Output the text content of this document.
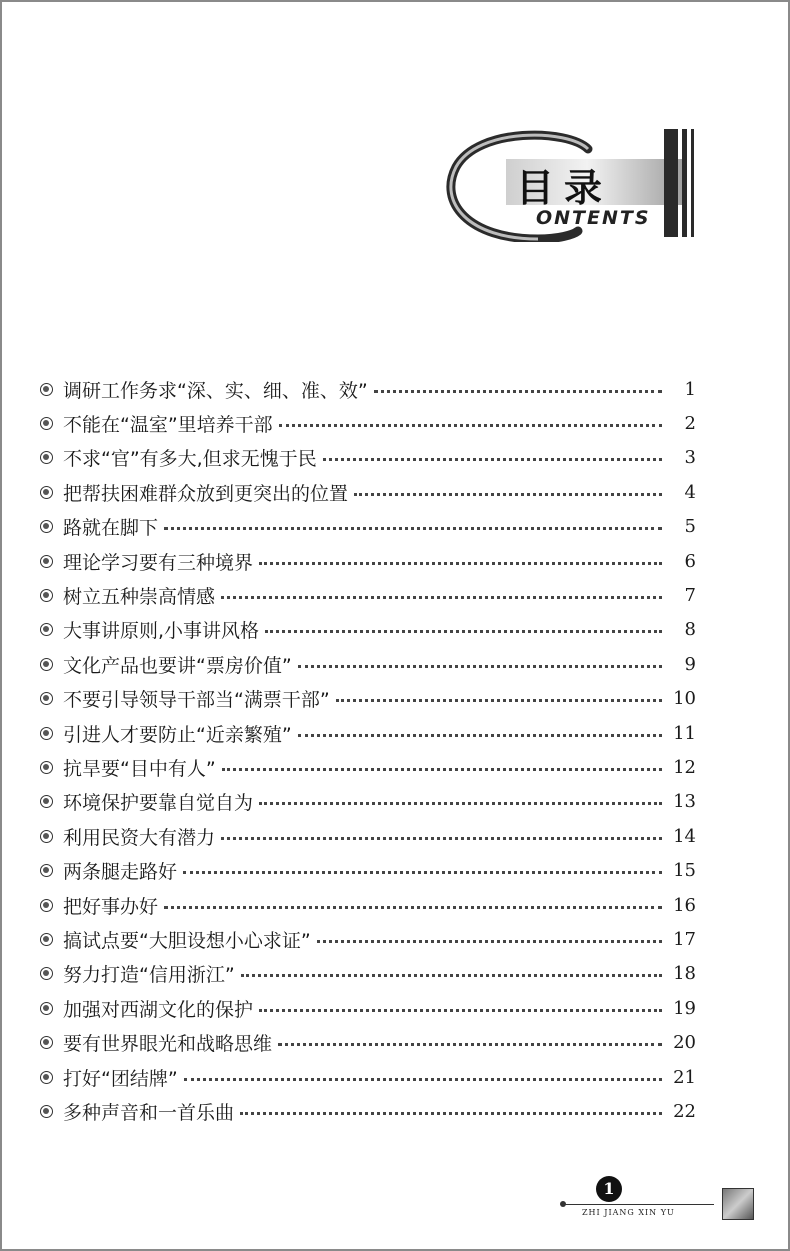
目录
ONTENTS
调研工作务求“深、实、细、准、效”	1
不能在“温室”里培养干部	2
不求“官”有多大,但求无愧于民	3
把帮扶困难群众放到更突出的位置	4
路就在脚下	5
理论学习要有三种境界	6
树立五种崇高情感	7
大事讲原则,小事讲风格	8
文化产品也要讲“票房价值”	9
不要引导领导干部当“满票干部”	10
引进人才要防止“近亲繁殖”	11
抗旱要“目中有人”	12
环境保护要靠自觉自为	13
利用民资大有潜力	14
两条腿走路好	15
把好事办好	16
搞试点要“大胆设想小心求证”	17
努力打造“信用浙江”	18
加强对西湖文化的保护	19
要有世界眼光和战略思维	20
打好“团结牌”	21
多种声音和一首乐曲	22
1
ZHI JIANG XIN YU
